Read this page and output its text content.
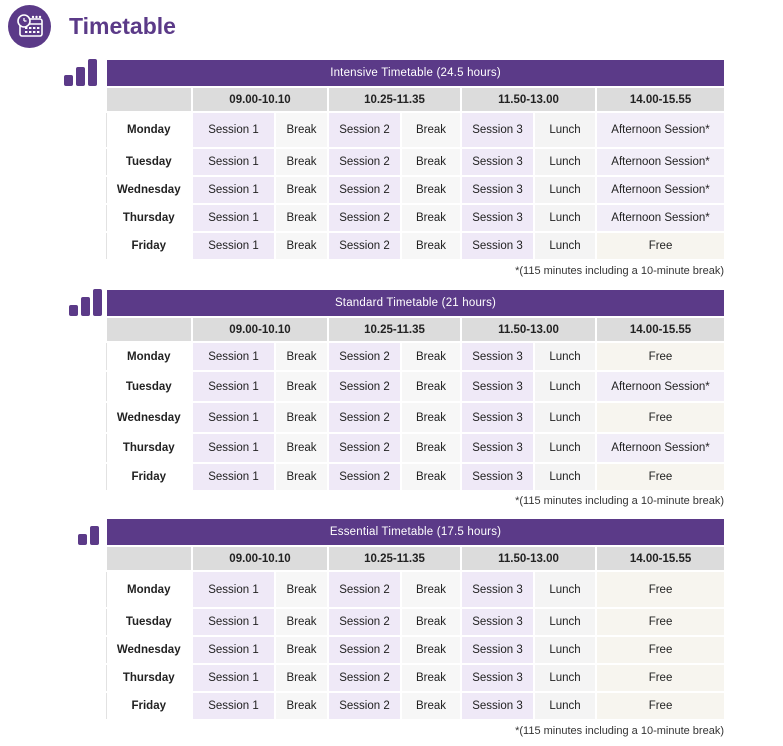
Timetable
Intensive Timetable (24.5 hours)							
	09.00-10.10		10.25-11.35		11.50-13.00		14.00-15.55
Monday	Session 1	Break	Session 2	Break	Session 3	Lunch	Afternoon Session*
Tuesday	Session 1	Break	Session 2	Break	Session 3	Lunch	Afternoon Session*
Wednesday	Session 1	Break	Session 2	Break	Session 3	Lunch	Afternoon Session*
Thursday	Session 1	Break	Session 2	Break	Session 3	Lunch	Afternoon Session*
Friday	Session 1	Break	Session 2	Break	Session 3	Lunch	Free
*(115 minutes including a 10-minute break)
Standard Timetable (21 hours)							
	09.00-10.10		10.25-11.35		11.50-13.00		14.00-15.55
Monday	Session 1	Break	Session 2	Break	Session 3	Lunch	Free
Tuesday	Session 1	Break	Session 2	Break	Session 3	Lunch	Afternoon Session*
Wednesday	Session 1	Break	Session 2	Break	Session 3	Lunch	Free
Thursday	Session 1	Break	Session 2	Break	Session 3	Lunch	Afternoon Session*
Friday	Session 1	Break	Session 2	Break	Session 3	Lunch	Free
*(115 minutes including a 10-minute break)
Essential Timetable (17.5 hours)							
	09.00-10.10		10.25-11.35		11.50-13.00		14.00-15.55
Monday	Session 1	Break	Session 2	Break	Session 3	Lunch	Free
Tuesday	Session 1	Break	Session 2	Break	Session 3	Lunch	Free
Wednesday	Session 1	Break	Session 2	Break	Session 3	Lunch	Free
Thursday	Session 1	Break	Session 2	Break	Session 3	Lunch	Free
Friday	Session 1	Break	Session 2	Break	Session 3	Lunch	Free
*(115 minutes including a 10-minute break)
